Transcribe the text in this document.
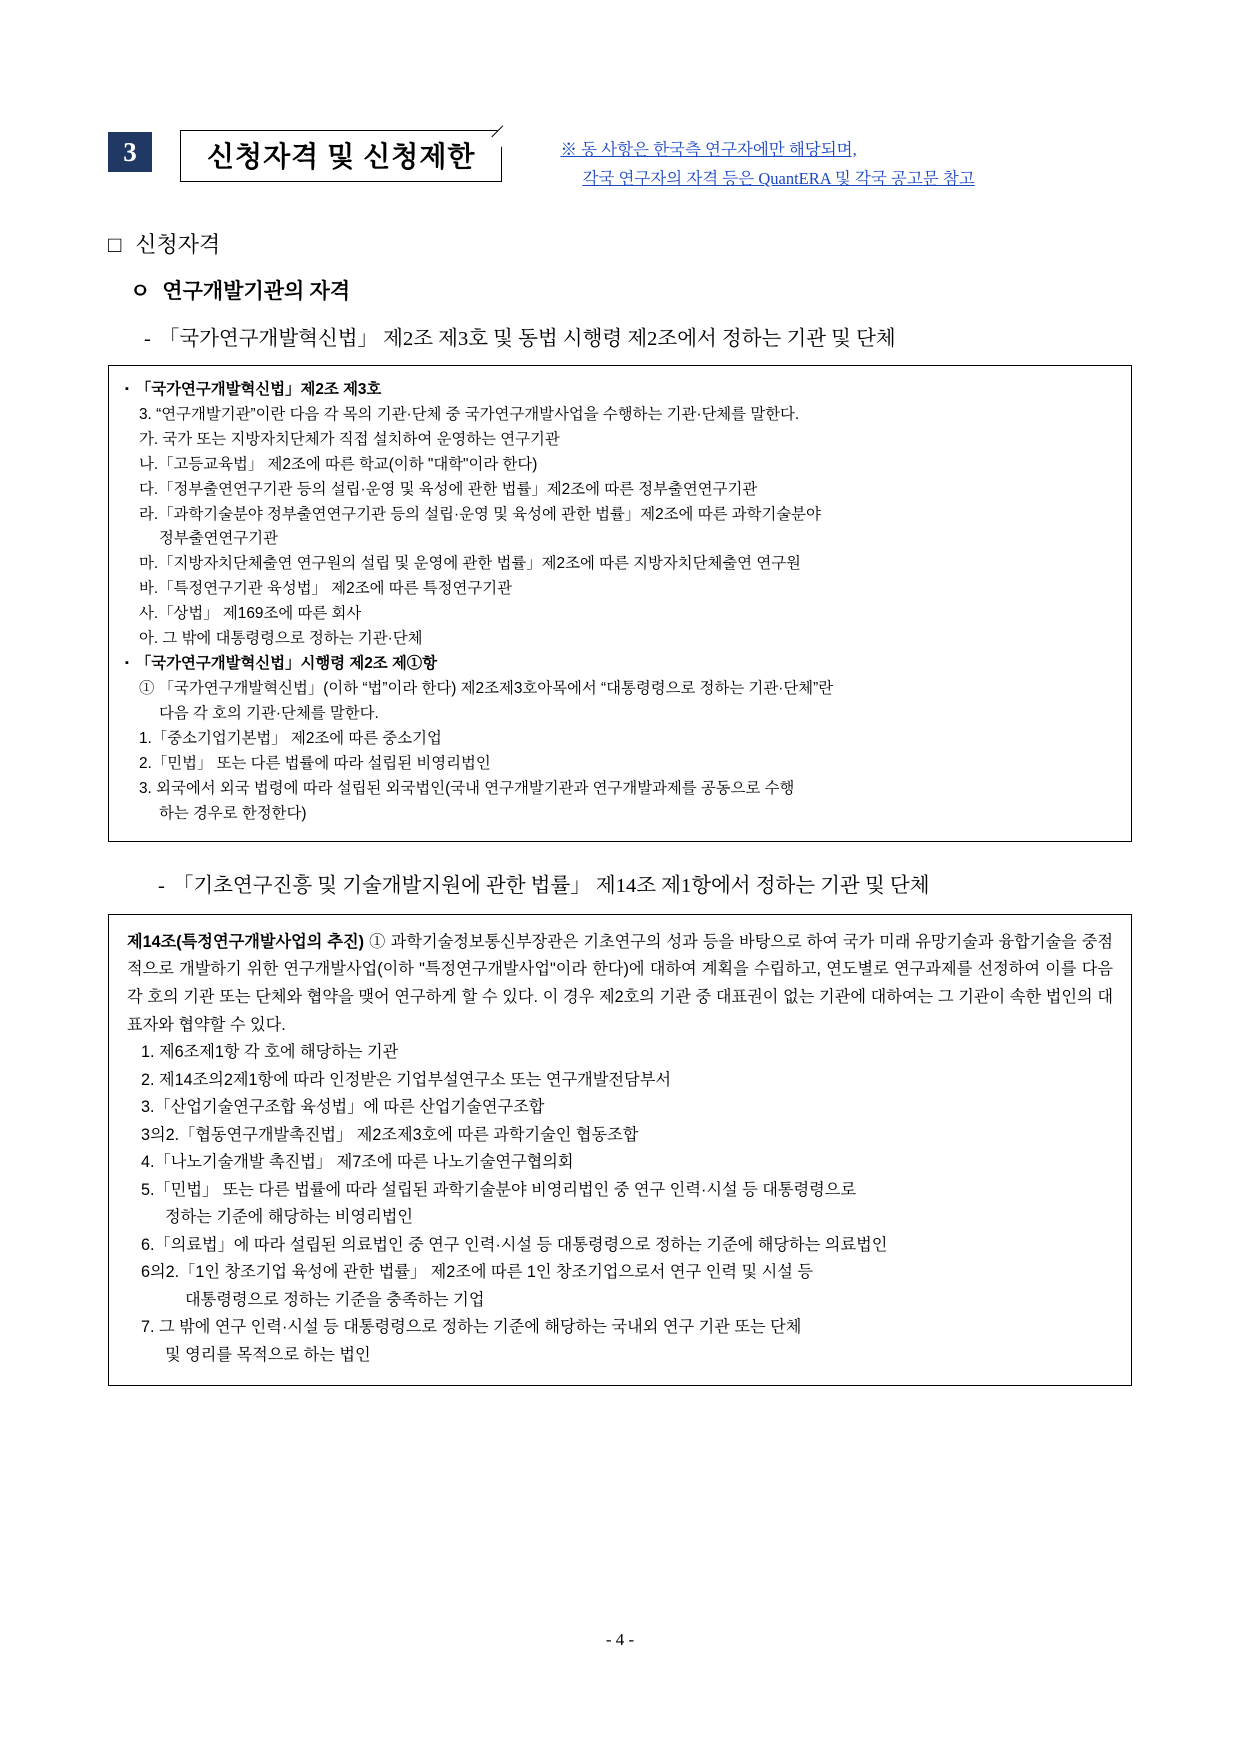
3	신청자격 및 신청제한	※ 동 사항은 한국측 연구자에만 해당되며,
각국 연구자의 자격 등은 QuantERA 및 각국 공고문 참고
□ 신청자격
ㅇ 연구개발기관의 자격
- 「국가연구개발혁신법」 제2조 제3호 및 동법 시행령 제2조에서 정하는 기관 및 단체
▪ 「국가연구개발혁신법」제2조 제3호
3. “연구개발기관”이란 다음 각 목의 기관·단체 중 국가연구개발사업을 수행하는 기관·단체를 말한다.
가. 국가 또는 지방자치단체가 직접 설치하여 운영하는 연구기관
나.「고등교육법」 제2조에 따른 학교(이하 "대학"이라 한다)
다.「정부출연연구기관 등의 설립·운영 및 육성에 관한 법률」제2조에 따른 정부출연연구기관
라.「과학기술분야 정부출연연구기관 등의 설립·운영 및 육성에 관한 법률」제2조에 따른 과학기술분야
정부출연연구기관
마.「지방자치단체출연 연구원의 설립 및 운영에 관한 법률」제2조에 따른 지방자치단체출연 연구원
바.「특정연구기관 육성법」 제2조에 따른 특정연구기관
사.「상법」 제169조에 따른 회사
아. 그 밖에 대통령령으로 정하는 기관·단체
▪ 「국가연구개발혁신법」시행령 제2조 제①항
① 「국가연구개발혁신법」(이하 “법”이라 한다) 제2조제3호아목에서 “대통령령으로 정하는 기관·단체”란
다음 각 호의 기관·단체를 말한다.
1.「중소기업기본법」 제2조에 따른 중소기업
2.「민법」 또는 다른 법률에 따라 설립된 비영리법인
3. 외국에서 외국 법령에 따라 설립된 외국법인(국내 연구개발기관과 연구개발과제를 공동으로 수행
하는 경우로 한정한다)
- 「기초연구진흥 및 기술개발지원에 관한 법률」 제14조 제1항에서 정하는 기관 및 단체
제14조(특정연구개발사업의 추진) ① 과학기술정보통신부장관은 기초연구의 성과 등을 바탕으로 하여 국가 미래 유망기술과 융합기술을 중점적으로 개발하기 위한 연구개발사업(이하 "특정연구개발사업"이라 한다)에 대하여 계획을 수립하고, 연도별로 연구과제를 선정하여 이를 다음 각 호의 기관 또는 단체와 협약을 맺어 연구하게 할 수 있다. 이 경우 제2호의 기관 중 대표권이 없는 기관에 대하여는 그 기관이 속한 법인의 대표자와 협약할 수 있다.
1. 제6조제1항 각 호에 해당하는 기관
2. 제14조의2제1항에 따라 인정받은 기업부설연구소 또는 연구개발전담부서
3.「산업기술연구조합 육성법」에 따른 산업기술연구조합
3의2.「협동연구개발촉진법」 제2조제3호에 따른 과학기술인 협동조합
4.「나노기술개발 촉진법」 제7조에 따른 나노기술연구협의회
5.「민법」 또는 다른 법률에 따라 설립된 과학기술분야 비영리법인 중 연구 인력·시설 등 대통령령으로
정하는 기준에 해당하는 비영리법인
6.「의료법」에 따라 설립된 의료법인 중 연구 인력·시설 등 대통령령으로 정하는 기준에 해당하는 의료법인
6의2.「1인 창조기업 육성에 관한 법률」 제2조에 따른 1인 창조기업으로서 연구 인력 및 시설 등
대통령령으로 정하는 기준을 충족하는 기업
7. 그 밖에 연구 인력·시설 등 대통령령으로 정하는 기준에 해당하는 국내외 연구 기관 또는 단체
및 영리를 목적으로 하는 법인
- 4 -
